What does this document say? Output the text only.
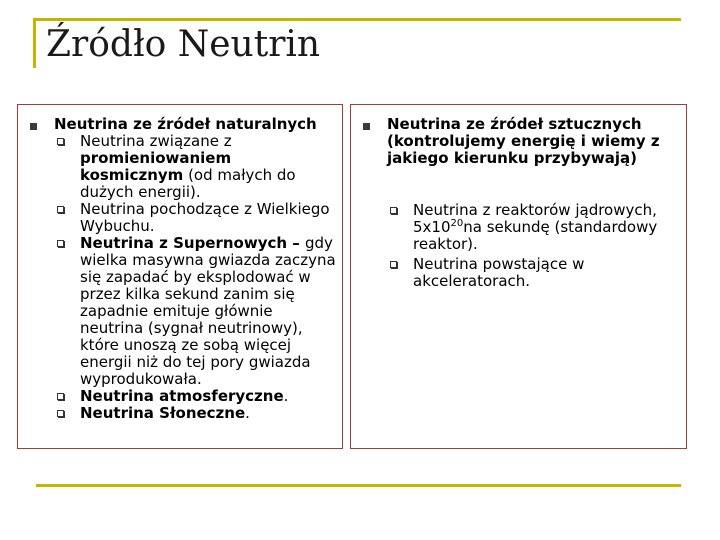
Źródło Neutrin
Neutrina ze źródeł naturalnych
Neutrina związane z promieniowaniem kosmicznym (od małych do dużych energii).
Neutrina pochodzące z Wielkiego Wybuchu.
Neutrina z Supernowych – gdy wielka masywna gwiazda zaczyna się zapadać by eksplodować w przez kilka sekund zanim się zapadnie emituje głównie neutrina (sygnał neutrinowy), które unoszą ze sobą więcej energii niż do tej pory gwiazda wyprodukowała.
Neutrina atmosferyczne.
Neutrina Słoneczne.
Neutrina ze źródeł sztucznych (kontrolujemy energię i wiemy z jakiego kierunku przybywają)
Neutrina z reaktorów jądrowych, $5x10^{20}na$ sekundę (standardowy reaktor).
Neutrina powstające w akceleratorach.
